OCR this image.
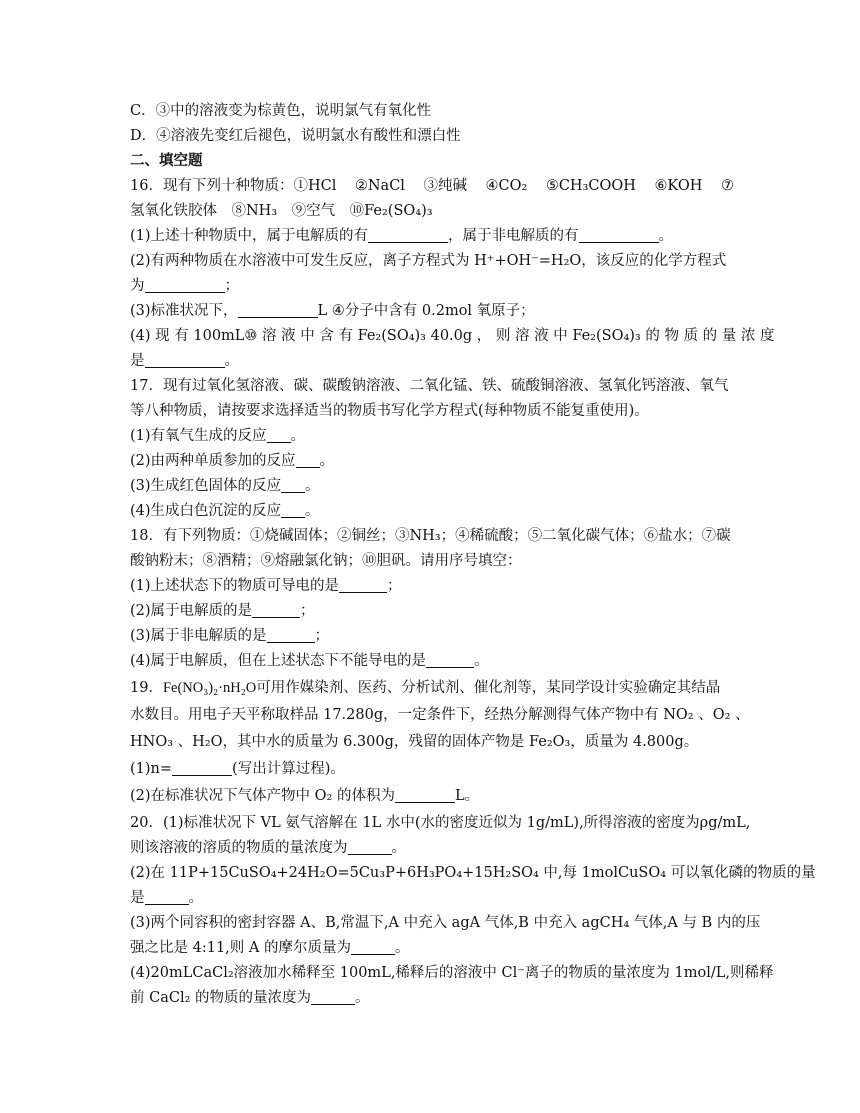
C．③中的溶液变为棕黄色，说明氯气有氧化性
D．④溶液先变红后褪色，说明氯水有酸性和漂白性
二、填空题
16．现有下列十种物质：①HCl ②NaCl ③纯碱 ④CO₂ ⑤CH₃COOH ⑥KOH ⑦
氢氧化铁胶体　⑧NH₃　⑨空气　⑩Fe₂(SO₄)₃
(1)上述十种物质中，属于电解质的有	，属于非电解质的有	。
(2)有两种物质在水溶液中可发生反应，离子方程式为 H⁺+OH⁻=H₂O，该反应的化学方程式
为	；
(3)标准状况下，	L ④分子中含有 0.2mol 氧原子；
(4) 现 有 100mL⑩ 溶 液 中 含 有 Fe₂(SO₄)₃ 40.0g ， 则 溶 液 中 Fe₂(SO₄)₃ 的 物 质 的 量 浓 度
是	。
17．现有过氧化氢溶液、碳、碳酸钠溶液、二氧化锰、铁、硫酸铜溶液、氢氧化钙溶液、氧气
等八种物质，请按要求选择适当的物质书写化学方程式(每种物质不能复重使用)。
(1)有氧气生成的反应 。
(2)由两种单质参加的反应 。
(3)生成红色固体的反应 。
(4)生成白色沉淀的反应 。
18．有下列物质：①烧碱固体；②铜丝；③NH₃；④稀硫酸；⑤二氧化碳气体；⑥盐水；⑦碳
酸钠粉末；⑧酒精；⑨熔融氯化钠；⑩胆矾。请用序号填空：
(1)上述状态下的物质可导电的是	；
(2)属于电解质的是	；
(3)属于非电解质的是	；
(4)属于电解质，但在上述状态下不能导电的是	。
19．Fe(NO₃)₂·nH₂O可用作媒染剂、医药、分析试剂、催化剂等，某同学设计实验确定其结晶
水数目。用电子天平称取样品 17.280g，一定条件下，经热分解测得气体产物中有 NO₂ 、O₂ 、
HNO₃ 、H₂O，其中水的质量为 6.300g，残留的固体产物是 Fe₂O₃，质量为 4.800g。
(1)n=	(写出计算过程)。
(2)在标准状况下气体产物中 O₂ 的体积为	L。
20．(1)标准状况下 VL 氨气溶解在 1L 水中(水的密度近似为 1g/mL),所得溶液的密度为ρg/mL,
则该溶液的溶质的物质的量浓度为	。
(2)在 11P+15CuSO₄+24H₂O=5Cu₃P+6H₃PO₄+15H₂SO₄ 中,每 1molCuSO₄ 可以氧化磷的物质的量
是	。
(3)两个同容积的密封容器 A、B,常温下,A 中充入 agA 气体,B 中充入 agCH₄ 气体,A 与 B 内的压
强之比是 4:11,则 A 的摩尔质量为	。
(4)20mLCaCl₂溶液加水稀释至 100mL,稀释后的溶液中 Cl⁻离子的物质的量浓度为 1mol/L,则稀释
前 CaCl₂ 的物质的量浓度为	。
